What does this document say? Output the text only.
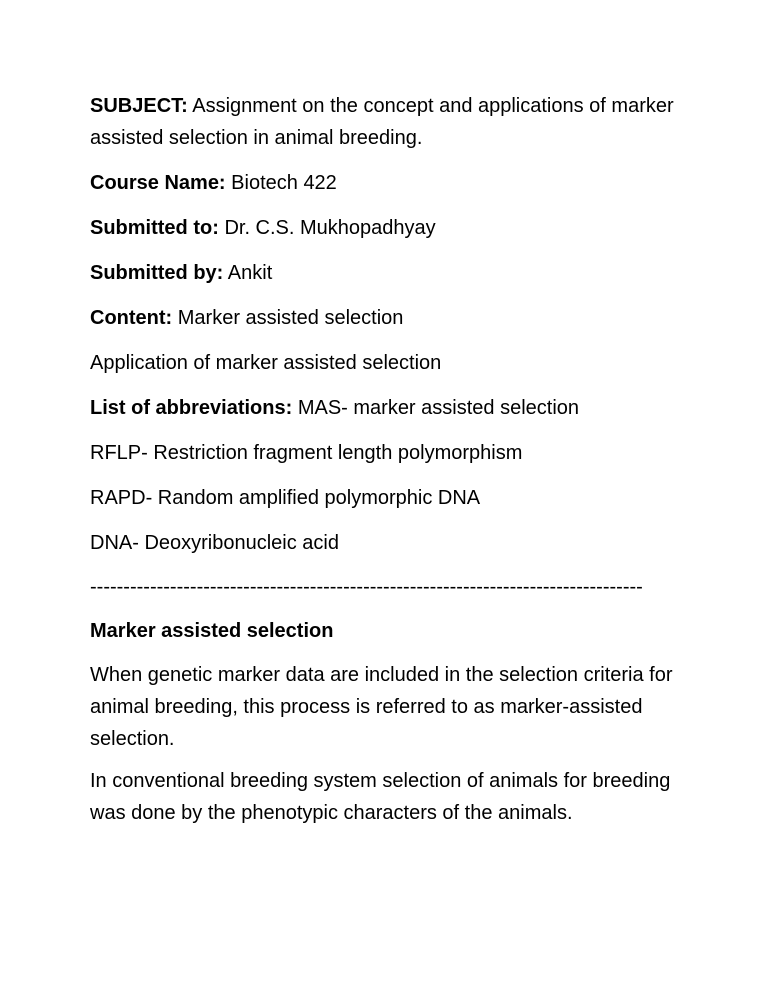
SUBJECT: Assignment on the concept and applications of marker assisted selection in animal breeding.

Course Name: Biotech 422

Submitted to: Dr. C.S. Mukhopadhyay

Submitted by: Ankit

Content: Marker assisted selection

Application of marker assisted selection

List of abbreviations: MAS- marker assisted selection

RFLP- Restriction fragment length polymorphism

RAPD- Random amplified polymorphic DNA

DNA- Deoxyribonucleic acid

-----------------------------------------------------------------------------------

Marker assisted selection

When genetic marker data are included in the selection criteria for animal breeding, this process is referred to as marker-assisted selection.

In conventional breeding system selection of animals for breeding was done by the phenotypic characters of the animals.
